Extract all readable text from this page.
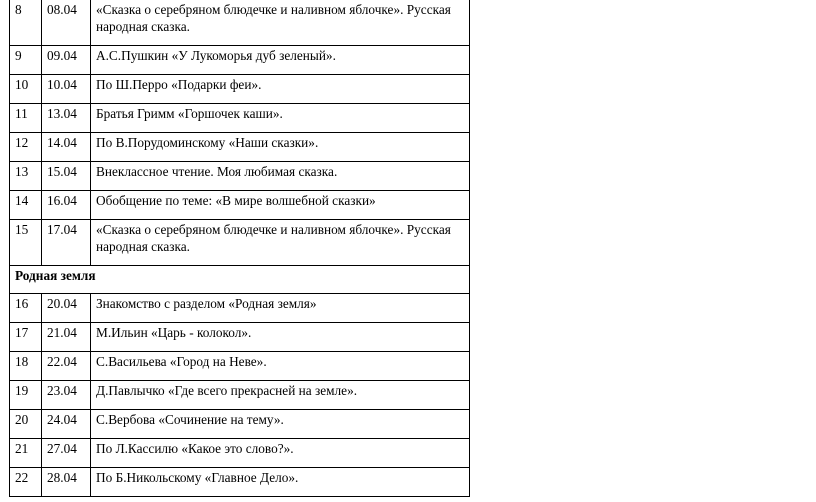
8	08.04	«Сказка о серебряном блюдечке и наливном яблочке». Русская народная сказка.
9	09.04	А.С.Пушкин «У Лукоморья дуб зеленый».
10	10.04	По Ш.Перро «Подарки феи».
11	13.04	Братья Гримм «Горшочек каши».
12	14.04	По В.Порудоминскому «Наши сказки».
13	15.04	Внеклассное чтение. Моя любимая сказка.
14	16.04	Обобщение по теме: «В мире волшебной сказки»
15	17.04	«Сказка о серебряном блюдечке и наливном яблочке». Русская народная сказка.
Родная земля		
16	20.04	Знакомство с разделом «Родная земля»
17	21.04	М.Ильин «Царь - колокол».
18	22.04	С.Васильева «Город на Неве».
19	23.04	Д.Павлычко «Где всего прекрасней на земле».
20	24.04	С.Вербова «Сочинение на тему».
21	27.04	По Л.Кассилю «Какое это слово?».
22	28.04	По Б.Никольскому «Главное Дело».
